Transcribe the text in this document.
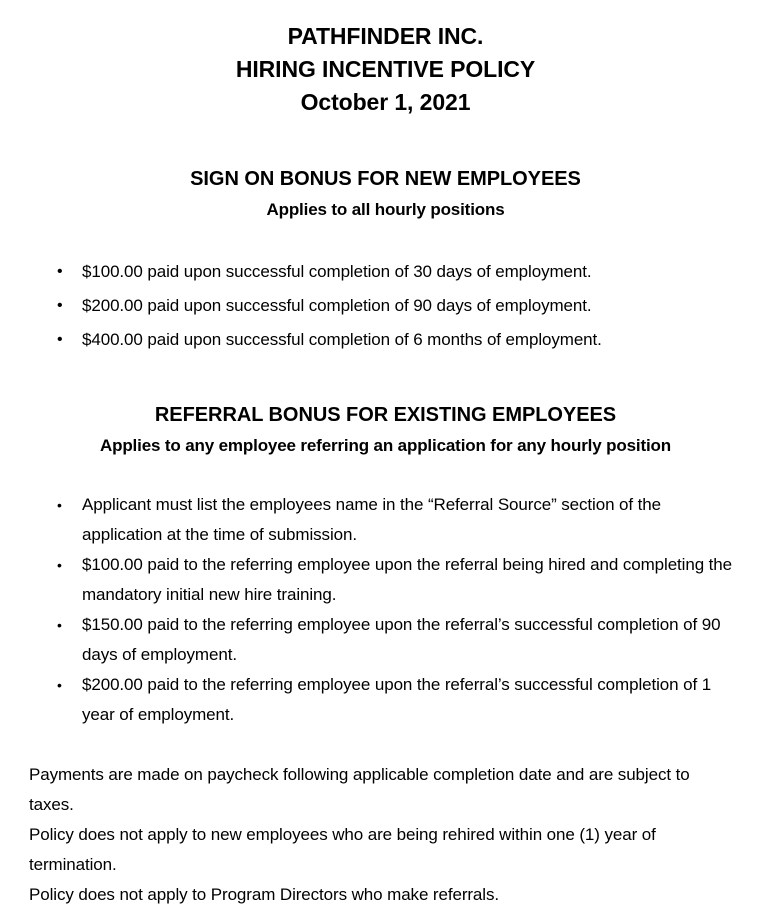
PATHFINDER INC.
HIRING INCENTIVE POLICY
October 1, 2021
SIGN ON BONUS FOR NEW EMPLOYEES
Applies to all hourly positions
• $100.00 paid upon successful completion of 30 days of employment.
• $200.00 paid upon successful completion of 90 days of employment.
• $400.00 paid upon successful completion of 6 months of employment.
REFERRAL BONUS FOR EXISTING EMPLOYEES
Applies to any employee referring an application for any hourly position
• Applicant must list the employees name in the “Referral Source” section of the application at the time of submission.
• $100.00 paid to the referring employee upon the referral being hired and completing the mandatory initial new hire training.
• $150.00 paid to the referring employee upon the referral’s successful completion of 90 days of employment.
• $200.00 paid to the referring employee upon the referral’s successful completion of 1 year of employment.

Payments are made on paycheck following applicable completion date and are subject to taxes.

Policy does not apply to new employees who are being rehired within one (1) year of termination.

Policy does not apply to Program Directors who make referrals.
